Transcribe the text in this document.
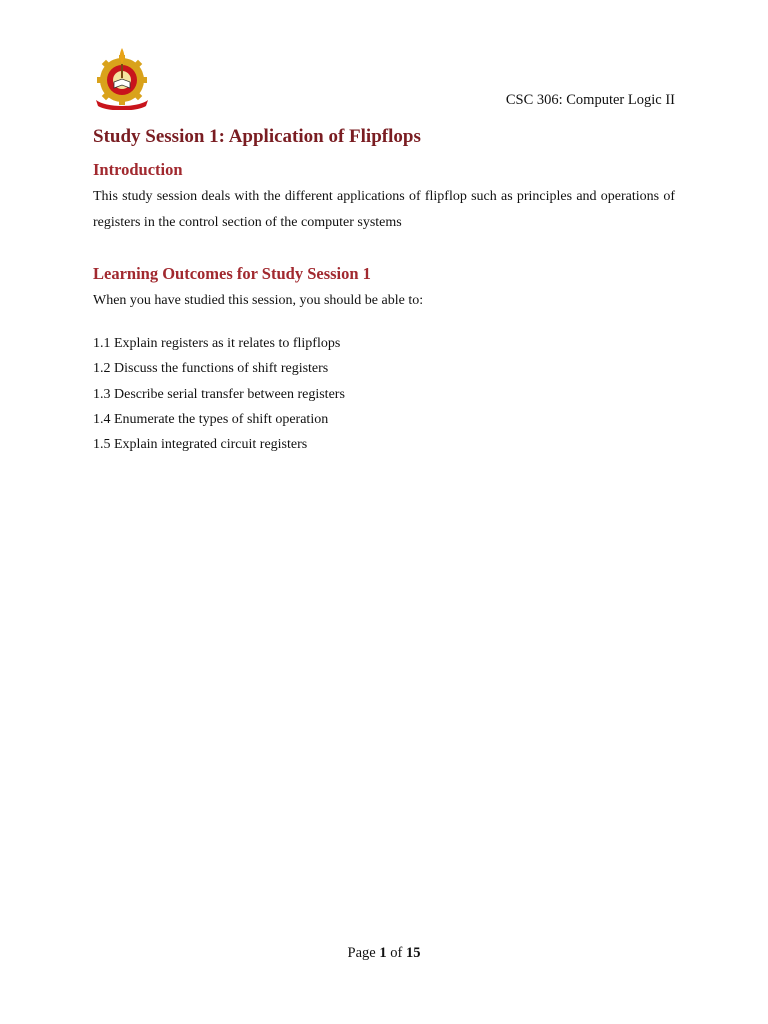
CSC 306: Computer Logic II
Study Session 1: Application of Flipflops
Introduction
This study session deals with the different applications of flipflop such as principles and operations of registers in the control section of the computer systems
Learning Outcomes for Study Session 1
When you have studied this session, you should be able to:
1.1 Explain registers as it relates to flipflops
1.2 Discuss the functions of shift registers
1.3 Describe serial transfer between registers
1.4 Enumerate the types of shift operation
1.5 Explain integrated circuit registers
Page 1 of 15
